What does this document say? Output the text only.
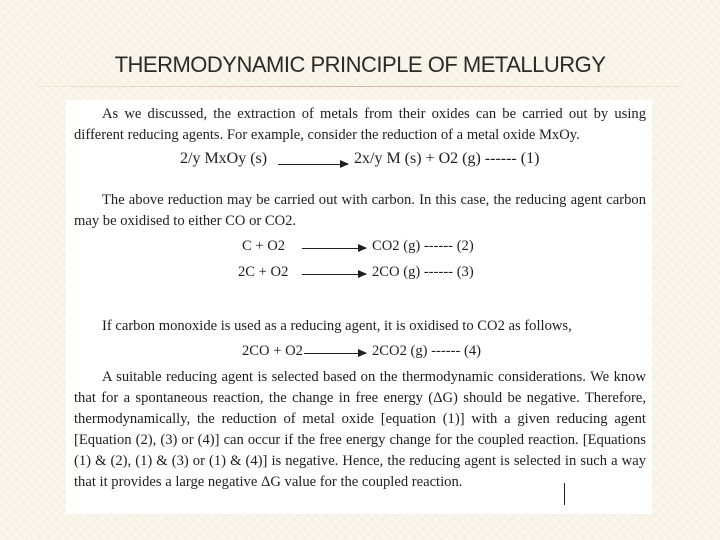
THERMODYNAMIC PRINCIPLE OF METALLURGY

As we discussed, the extraction of metals from their oxides can be carried out by using different reducing agents. For example, consider the reduction of a metal oxide MxOy.

2/y MxOy (s)	2x/y M (s) + O2 (g) ------ (1)

The above reduction may be carried out with carbon. In this case, the reducing agent carbon may be oxidised to either CO or CO2.

C + O2	CO2 (g) ------ (2)
2C + O2	2CO (g) ------ (3)

If carbon monoxide is used as a reducing agent, it is oxidised to CO2 as follows,

2CO + O2	2CO2 (g) ------ (4)

A suitable reducing agent is selected based on the thermodynamic considerations. We know that for a spontaneous reaction, the change in free energy (ΔG) should be negative. Therefore, thermodynamically, the reduction of metal oxide [equation (1)] with a given reducing agent [Equation (2), (3) or (4)] can occur if the free energy change for the coupled reaction. [Equations (1) & (2), (1) & (3) or (1) & (4)] is negative. Hence, the reducing agent is selected in such a way that it provides a large negative ΔG value for the coupled reaction.
